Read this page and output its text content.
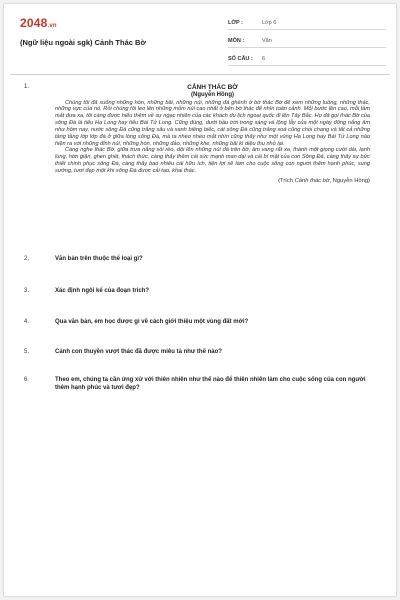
2048.vn
(Ngữ liệu ngoài sgk) Cảnh Thác Bờ
LỚP :	Lớp 6
MÔN :	Văn
SỐ CÂU :	6
1.	CẢNH THÁC BỜ
(Nguyễn Hồng)

Chúng tôi đã xuống những hòn, những bãi, những núi, những đá ghềnh ở bờ thác Bờ để xem những luồng, những thác, những vực của nó. Rồi chúng tôi leo lên những mỏm núi cao nhất ở bên bờ thác để nhìn toàn cảnh. Mỗi bước lên cao, mỗi tầm mắt đưa xa, tôi càng được hiểu thêm về sự ngạc nhiên của các khách du lịch ngoại quốc đi lên Tây Bắc. Họ đã gọi thác Bờ của sông Đà là tiểu Hạ Long hay tiểu Bái Tử Long. Cũng đúng, dưới bầu trời trong sáng và lộng lẫy của một ngày đông nắng ấm như hôm nay, nước sông Đà cũng trắng sâu và xanh biêng biếc, cát sông Đà cũng trắng xoá cũng chói chang và tất cả những tầng tầng lớp lớp đá ở giữa lòng sông Đà, mà ta nheo nheo mắt nhìn cũng thấy như một vùng Hạ Long hay Bái Tử Long nào hiện ra với những đỉnh núi, những hòn, những đảo, những khe, những bãi kì diệu thu nhỏ lại.

Càng nghe thác Bờ, giữa trưa nắng sôi rèo, dội lên những núi đá trên bờ, âm vang rất xa, thành một giọng cười dài, lạnh lùng, hờn giận, ghen ghét, thách thức, càng thấy thêm cái sức mạnh man dại và cái bí mật của con Sông Đà, càng thấy sự bức thiết chinh phục sông Đà, càng thấy bao nhiêu cái hữu ích, tiện lợi sẽ làm cho cuộc sống con người thêm hạnh phúc, sung sướng, tươi đẹp một khi sông Đà được cải tạo, khai thác.

(Trích Cảnh thác bờ, Nguyễn Hồng)
2.	Văn bản trên thuộc thể loại gì?
3.	Xác định ngôi kể của đoạn trích?
4.	Qua văn bản, em học được gì về cách giới thiệu một vùng đất mới?
5.	Cảnh con thuyền vượt thác đã được miêu tả như thế nào?
6.	Theo em, chúng ta cần ứng xử với thiên nhiên như thế nào để thiên nhiên làm cho cuộc sống của con người thêm hạnh phúc và tươi đẹp?
